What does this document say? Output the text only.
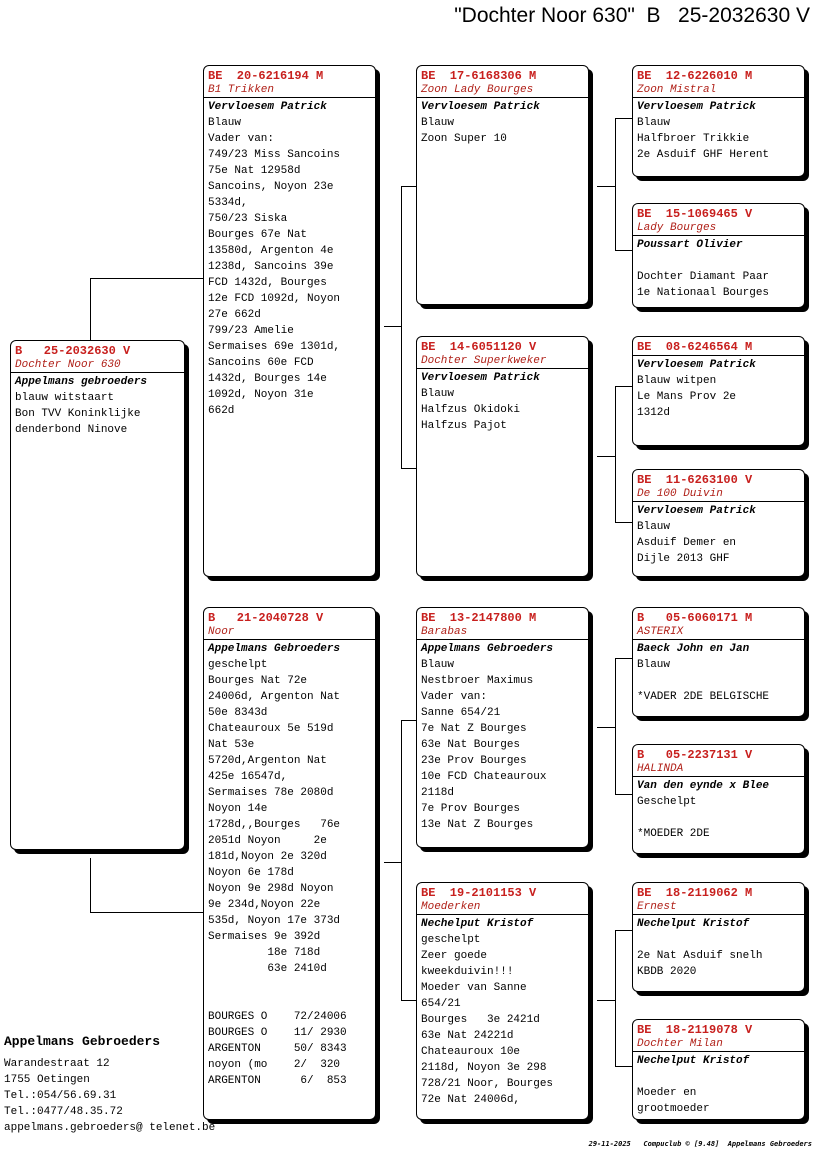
"Dochter Noor 630"  B   25-2032630 V
B   25-2032630 V
Dochter Noor 630
Appelmans gebroeders
blauw witstaart
Bon TVV Koninklijke
denderbond Ninove
BE  20-6216194 M
B1 Trikken
Vervloesem Patrick
Blauw
Vader van:
749/23 Miss Sancoins
75e Nat 12958d
Sancoins, Noyon 23e
5334d,
750/23 Siska
Bourges 67e Nat
13580d, Argenton 4e
1238d, Sancoins 39e
FCD 1432d, Bourges
12e FCD 1092d, Noyon
27e 662d
799/23 Amelie
Sermaises 69e 1301d,
Sancoins 60e FCD
1432d, Bourges 14e
1092d, Noyon 31e
662d
B   21-2040728 V
Noor
Appelmans Gebroeders
geschelpt
Bourges Nat 72e
24006d, Argenton Nat
50e 8343d
Chateauroux 5e 519d
Nat 53e
5720d,Argenton Nat
425e 16547d,
Sermaises 78e 2080d
Noyon 14e
1728d,,Bourges   76e
2051d Noyon     2e
181d,Noyon 2e 320d
Noyon 6e 178d
Noyon 9e 298d Noyon
9e 234d,Noyon 22e
535d, Noyon 17e 373d
Sermaises 9e 392d
18e 718d
63e 2410d
BOURGES O    72/24006
BOURGES O    11/ 2930
ARGENTON     50/ 8343
noyon (mo    2/  320
ARGENTON      6/  853
BE  17-6168306 M
Zoon Lady Bourges
Vervloesem Patrick
Blauw
Zoon Super 10
BE  14-6051120 V
Dochter Superkweker
Vervloesem Patrick
Blauw
Halfzus Okidoki
Halfzus Pajot
BE  13-2147800 M
Barabas
Appelmans Gebroeders
Blauw
Nestbroer Maximus
Vader van:
Sanne 654/21
7e Nat Z Bourges
63e Nat Bourges
23e Prov Bourges
10e FCD Chateauroux
2118d
7e Prov Bourges
13e Nat Z Bourges
BE  19-2101153 V
Moederken
Nechelput Kristof
geschelpt
Zeer goede
kweekduivin!!!
Moeder van Sanne
654/21
Bourges   3e 2421d
63e Nat 24221d
Chateauroux 10e
2118d, Noyon 3e 298
728/21 Noor, Bourges
72e Nat 24006d,
BE  12-6226010 M
Zoon Mistral
Vervloesem Patrick
Blauw
Halfbroer Trikkie
2e Asduif GHF Herent
BE  15-1069465 V
Lady Bourges
Poussart Olivier

Dochter Diamant Paar
1e Nationaal Bourges
BE  08-6246564 M
Vervloesem Patrick
Blauw witpen
Le Mans Prov 2e
1312d
BE  11-6263100 V
De 100 Duivin
Vervloesem Patrick
Blauw
Asduif Demer en
Dijle 2013 GHF
B   05-6060171 M
ASTERIX
Baeck John en Jan
Blauw

*VADER 2DE BELGISCHE
B   05-2237131 V
HALINDA
Van den eynde x Blee
Geschelpt

*MOEDER 2DE
BE  18-2119062 M
Ernest
Nechelput Kristof

2e Nat Asduif snelh
KBDB 2020
BE  18-2119078 V
Dochter Milan
Nechelput Kristof

Moeder en
grootmoeder
Appelmans Gebroeders
Warandestraat 12
1755 Oetingen
Tel.:054/56.69.31
Tel.:0477/48.35.72
appelmans.gebroeders@ telenet.be
29-11-2025   Compuclub © [9.48]  Appelmans Gebroeders
